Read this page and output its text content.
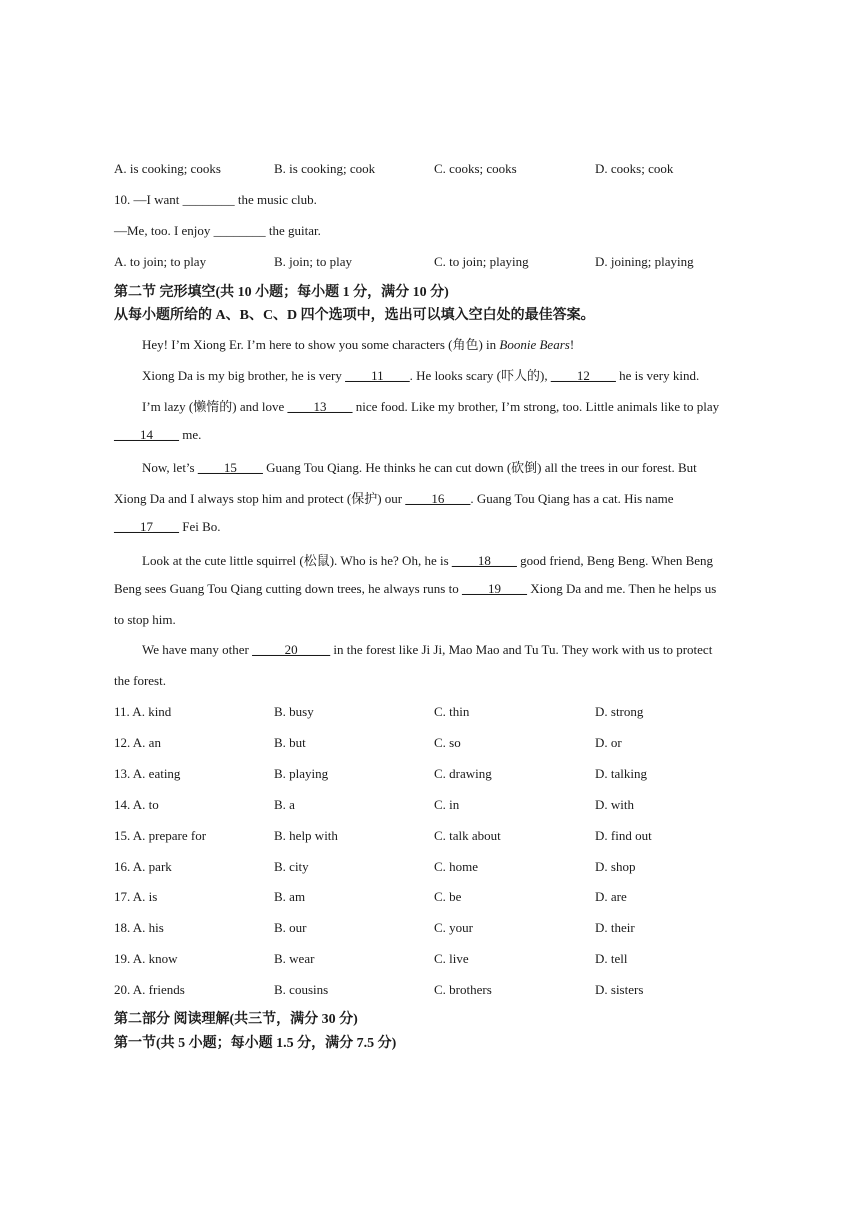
A. is cooking; cooks	B. is cooking; cook	C. cooks; cooks	D. cooks; cook
10. —I want ________ the music club.
—Me, too. I enjoy ________ the guitar.
A. to join; to play	B. join; to play	C. to join; playing	D. joining; playing
第二节 完形填空(共 10 小题；每小题 1 分，满分 10 分)
从每小题所给的 A、B、C、D 四个选项中，选出可以填入空白处的最佳答案。
Hey! I’m Xiong Er. I’m here to show you some characters (角色) in Boonie Bears!
Xiong Da is my big brother, he is very ____11____. He looks scary (吓人的), ____12____ he is very kind.
I’m lazy (懒惰的) and love ____13____ nice food. Like my brother, I’m strong, too. Little animals like to play
____14____ me.
Now, let’s ____15____ Guang Tou Qiang. He thinks he can cut down (砍倒) all the trees in our forest. But
Xiong Da and I always stop him and protect (保护) our ____16____. Guang Tou Qiang has a cat. His name
____17____ Fei Bo.
Look at the cute little squirrel (松鼠). Who is he? Oh, he is ____18____ good friend, Beng Beng. When Beng
Beng sees Guang Tou Qiang cutting down trees, he always runs to ____19____ Xiong Da and me. Then he helps us
to stop him.
We have many other _____20_____ in the forest like Ji Ji, Mao Mao and Tu Tu. They work with us to protect
the forest.
11. A. kind	B. busy	C. thin	D. strong
12. A. an	B. but	C. so	D. or
13. A. eating	B. playing	C. drawing	D. talking
14. A. to	B. a	C. in	D. with
15. A. prepare for	B. help with	C. talk about	D. find out
16. A. park	B. city	C. home	D. shop
17. A. is	B. am	C. be	D. are
18. A. his	B. our	C. your	D. their
19. A. know	B. wear	C. live	D. tell
20. A. friends	B. cousins	C. brothers	D. sisters
第二部分 阅读理解(共三节，满分 30 分)
第一节(共 5 小题；每小题 1.5 分，满分 7.5 分)
